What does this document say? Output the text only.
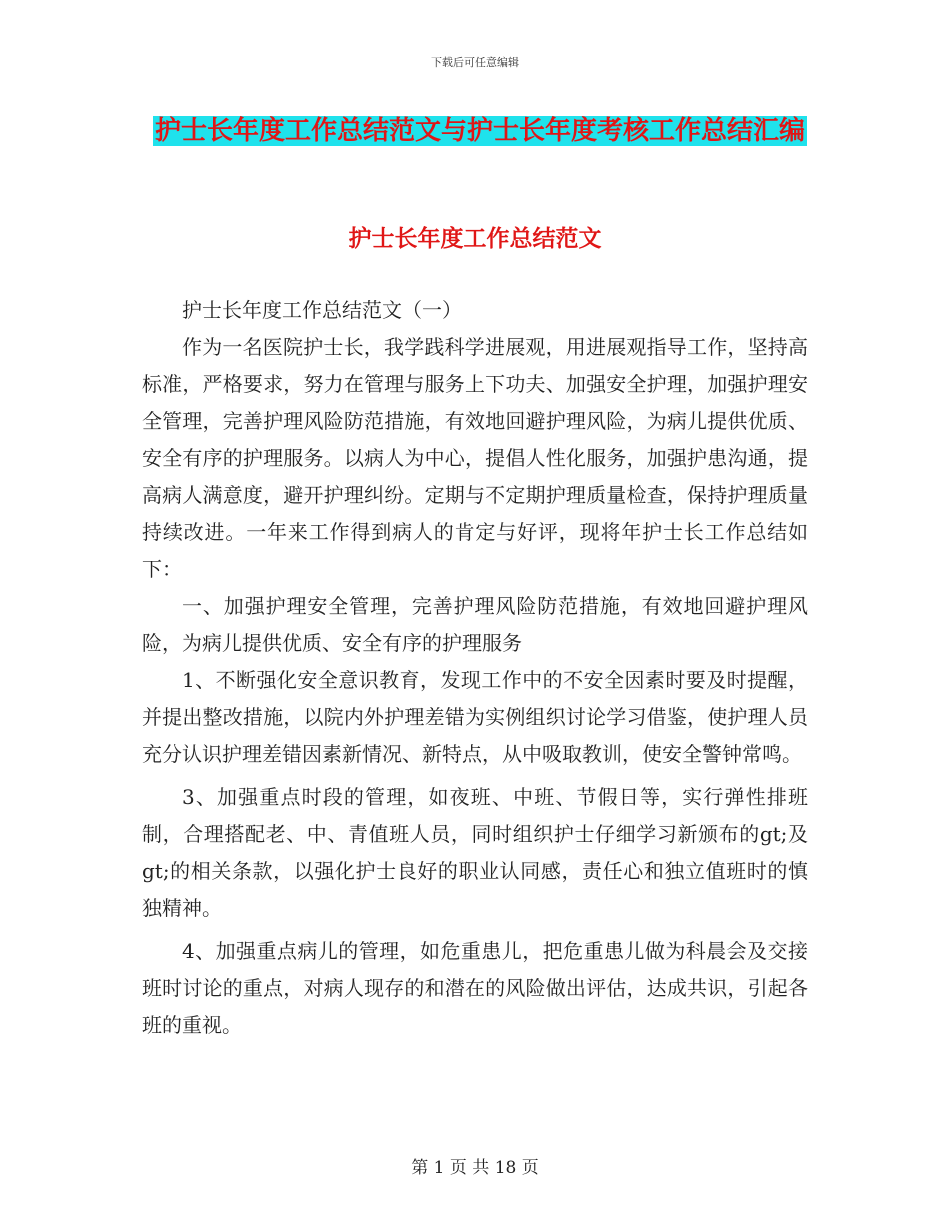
下载后可任意编辑
护士长年度工作总结范文与护士长年度考核工作总结汇编
护士长年度工作总结范文

护士长年度工作总结范文（一）

作为一名医院护士长，我学践科学进展观，用进展观指导工作，坚持高标准，严格要求，努力在管理与服务上下功夫、加强安全护理，加强护理安全管理，完善护理风险防范措施，有效地回避护理风险，为病儿提供优质、安全有序的护理服务。以病人为中心，提倡人性化服务，加强护患沟通，提高病人满意度，避开护理纠纷。定期与不定期护理质量检查，保持护理质量持续改进。一年来工作得到病人的肯定与好评，现将年护士长工作总结如下：

一、加强护理安全管理，完善护理风险防范措施，有效地回避护理风险，为病儿提供优质、安全有序的护理服务

1、不断强化安全意识教育，发现工作中的不安全因素时要及时提醒，并提出整改措施，以院内外护理差错为实例组织讨论学习借鉴，使护理人员充分认识护理差错因素新情况、新特点，从中吸取教训，使安全警钟常鸣。

3、加强重点时段的管理，如夜班、中班、节假日等，实行弹性排班制，合理搭配老、中、青值班人员，同时组织护士仔细学习新颁布的gt;及gt;的相关条款，以强化护士良好的职业认同感，责任心和独立值班时的慎独精神。

4、加强重点病儿的管理，如危重患儿，把危重患儿做为科晨会及交接班时讨论的重点，对病人现存的和潜在的风险做出评估，达成共识，引起各班的重视。

第 1 页 共 18 页
